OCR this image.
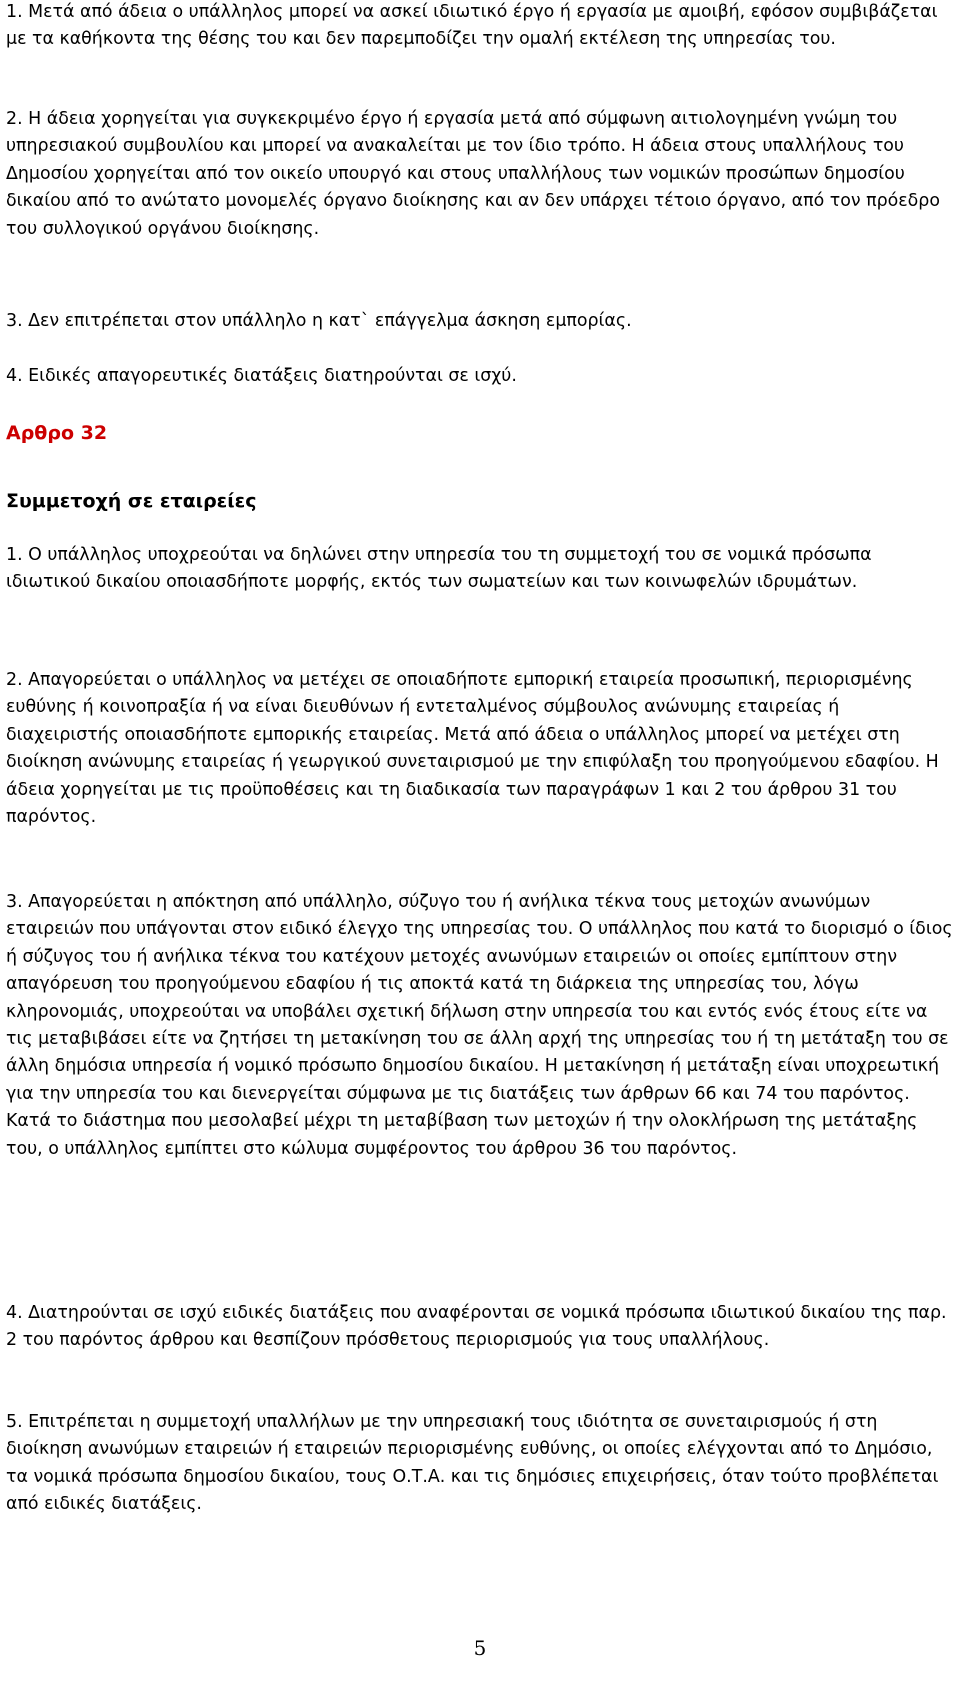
1. Μετά από άδεια ο υπάλληλος μπορεί να ασκεί ιδιωτικό έργο ή εργασία με αμοιβή, εφόσον συμβιβάζεται με τα καθήκοντα της θέσης του και δεν παρεμποδίζει την ομαλή εκτέλεση της υπηρεσίας του.

2. Η άδεια χορηγείται για συγκεκριμένο έργο ή εργασία μετά από σύμφωνη αιτιολογημένη γνώμη του υπηρεσιακού συμβουλίου και μπορεί να ανακαλείται με τον ίδιο τρόπο. Η άδεια στους υπαλλήλους του Δημοσίου χορηγείται από τον οικείο υπουργό και στους υπαλλήλους των νομικών προσώπων δημοσίου δικαίου από το ανώτατο μονομελές όργανο διοίκησης και αν δεν υπάρχει τέτοιο όργανο, από τον πρόεδρο του συλλογικού οργάνου διοίκησης.

3. Δεν επιτρέπεται στον υπάλληλο η κατ` επάγγελμα άσκηση εμπορίας.

4. Ειδικές απαγορευτικές διατάξεις διατηρούνται σε ισχύ.

Αρθρο 32
Συμμετοχή σε εταιρείες

1. Ο υπάλληλος υποχρεούται να δηλώνει στην υπηρεσία του τη συμμετοχή του σε νομικά πρόσωπα ιδιωτικού δικαίου οποιασδήποτε μορφής, εκτός των σωματείων και των κοινωφελών ιδρυμάτων.

2. Απαγορεύεται ο υπάλληλος να μετέχει σε οποιαδήποτε εμπορική εταιρεία προσωπική, περιορισμένης ευθύνης ή κοινοπραξία ή να είναι διευθύνων ή εντεταλμένος σύμβουλος ανώνυμης εταιρείας ή διαχειριστής οποιασδήποτε εμπορικής εταιρείας. Μετά από άδεια ο υπάλληλος μπορεί να μετέχει στη διοίκηση ανώνυμης εταιρείας ή γεωργικού συνεταιρισμού με την επιφύλαξη του προηγούμενου εδαφίου. Η άδεια χορηγείται με τις προϋποθέσεις και τη διαδικασία των παραγράφων 1 και 2 του άρθρου 31 του παρόντος.

3. Απαγορεύεται η απόκτηση από υπάλληλο, σύζυγο του ή ανήλικα τέκνα τους μετοχών ανωνύμων εταιρειών που υπάγονται στον ειδικό έλεγχο της υπηρεσίας του. Ο υπάλληλος που κατά το διορισμό ο ίδιος ή σύζυγος του ή ανήλικα τέκνα του κατέχουν μετοχές ανωνύμων εταιρειών οι οποίες εμπίπτουν στην απαγόρευση του προηγούμενου εδαφίου ή τις αποκτά κατά τη διάρκεια της υπηρεσίας του, λόγω κληρονομιάς, υποχρεούται να υποβάλει σχετική δήλωση στην υπηρεσία του και εντός ενός έτους είτε να τις μεταβιβάσει είτε να ζητήσει τη μετακίνηση του σε άλλη αρχή της υπηρεσίας του ή τη μετάταξη του σε άλλη δημόσια υπηρεσία ή νομικό πρόσωπο δημοσίου δικαίου. Η μετακίνηση ή μετάταξη είναι υποχρεωτική για την υπηρεσία του και διενεργείται σύμφωνα με τις διατάξεις των άρθρων 66 και 74 του παρόντος. Κατά το διάστημα που μεσολαβεί μέχρι τη μεταβίβαση των μετοχών ή την ολοκλήρωση της μετάταξης του, ο υπάλληλος εμπίπτει στο κώλυμα συμφέροντος του άρθρου 36 του παρόντος.

4. Διατηρούνται σε ισχύ ειδικές διατάξεις που αναφέρονται σε νομικά πρόσωπα ιδιωτικού δικαίου της παρ. 2 του παρόντος άρθρου και θεσπίζουν πρόσθετους περιορισμούς για τους υπαλλήλους.

5. Επιτρέπεται η συμμετοχή υπαλλήλων με την υπηρεσιακή τους ιδιότητα σε συνεταιρισμούς ή στη διοίκηση ανωνύμων εταιρειών ή εταιρειών περιορισμένης ευθύνης, οι οποίες ελέγχονται από το Δημόσιο, τα νομικά πρόσωπα δημοσίου δικαίου, τους Ο.Τ.Α. και τις δημόσιες επιχειρήσεις, όταν τούτο προβλέπεται από ειδικές διατάξεις.

5
